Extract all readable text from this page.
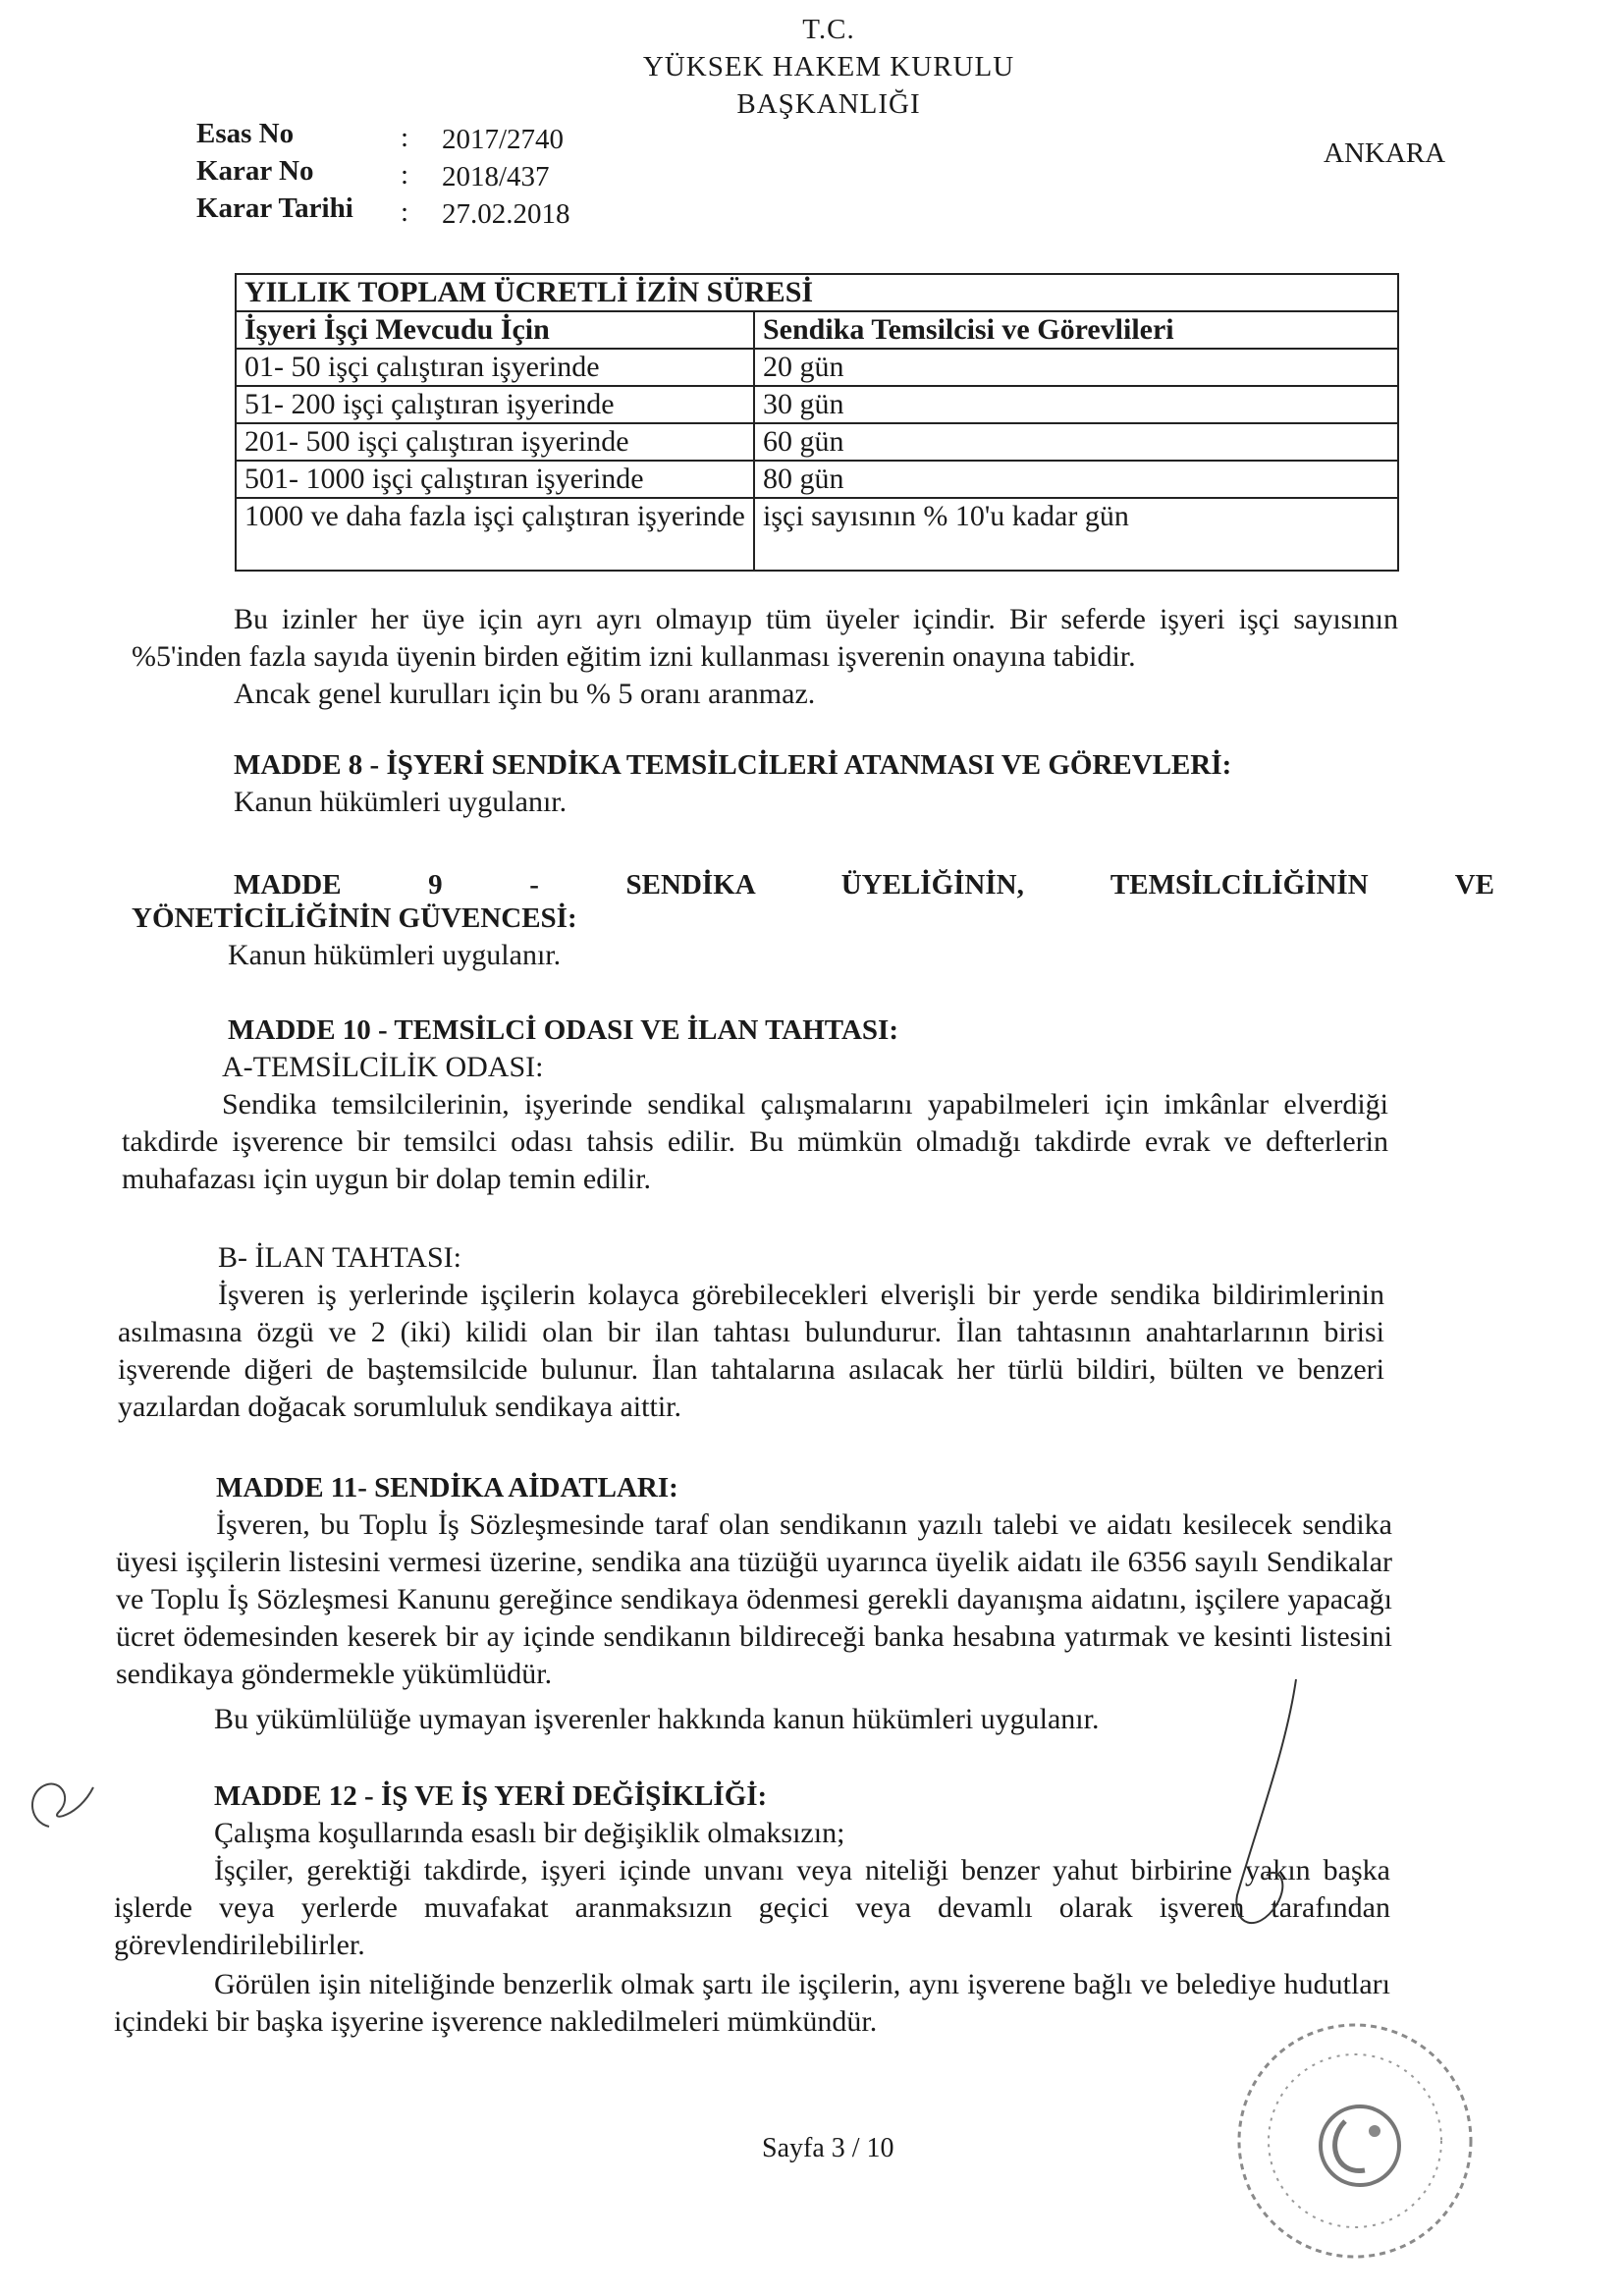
T.C.
YÜKSEK HAKEM KURULU
BAŞKANLIĞI
ANKARA
Esas No	: 2017/2740
Karar No	: 2018/437
Karar Tarihi : 27.02.2018
YILLIK TOPLAM ÜCRETLİ İZİN SÜRESİ	
İşyeri İşçi Mevcudu İçin	Sendika Temsilcisi ve Görevlileri
01- 50 işçi çalıştıran işyerinde	20 gün
51- 200 işçi çalıştıran işyerinde	30 gün
201- 500 işçi çalıştıran işyerinde	60 gün
501- 1000 işçi çalıştıran işyerinde	80 gün
1000 ve daha fazla işçi çalıştıran işyerinde	işçi sayısının % 10'u kadar gün
Bu izinler her üye için ayrı ayrı olmayıp tüm üyeler içindir. Bir seferde işyeri işçi sayısının %5'inden fazla sayıda üyenin birden eğitim izni kullanması işverenin onayına tabidir.
Ancak genel kurulları için bu % 5 oranı aranmaz.
MADDE 8 - İŞYERİ SENDİKA TEMSİLCİLERİ ATANMASI VE GÖREVLERİ:
Kanun hükümleri uygulanır.
MADDE 9 - SENDİKA ÜYELİĞİNİN, TEMSİLCİLİĞİNİN VE
YÖNETİCİLİĞİNİN GÜVENCESİ:
Kanun hükümleri uygulanır.
MADDE 10 - TEMSİLCİ ODASI VE İLAN TAHTASI:
A-TEMSİLCİLİK ODASI:
Sendika temsilcilerinin, işyerinde sendikal çalışmalarını yapabilmeleri için imkânlar elverdiği takdirde işverence bir temsilci odası tahsis edilir. Bu mümkün olmadığı takdirde evrak ve defterlerin muhafazası için uygun bir dolap temin edilir.
B- İLAN TAHTASI:
İşveren iş yerlerinde işçilerin kolayca görebilecekleri elverişli bir yerde sendika bildirimlerinin asılmasına özgü ve 2 (iki) kilidi olan bir ilan tahtası bulundurur. İlan tahtasının anahtarlarının birisi işverende diğeri de baştemsilcide bulunur. İlan tahtalarına asılacak her türlü bildiri, bülten ve benzeri yazılardan doğacak sorumluluk sendikaya aittir.
MADDE 11- SENDİKA AİDATLARI:
İşveren, bu Toplu İş Sözleşmesinde taraf olan sendikanın yazılı talebi ve aidatı kesilecek sendika üyesi işçilerin listesini vermesi üzerine, sendika ana tüzüğü uyarınca üyelik aidatı ile 6356 sayılı Sendikalar ve Toplu İş Sözleşmesi Kanunu gereğince sendikaya ödenmesi gerekli dayanışma aidatını, işçilere yapacağı ücret ödemesinden keserek bir ay içinde sendikanın bildireceği banka hesabına yatırmak ve kesinti listesini sendikaya göndermekle yükümlüdür.
Bu yükümlülüğe uymayan işverenler hakkında kanun hükümleri uygulanır.
MADDE 12 - İŞ VE İŞ YERİ DEĞİŞİKLİĞİ:
Çalışma koşullarında esaslı bir değişiklik olmaksızın;
İşçiler, gerektiği takdirde, işyeri içinde unvanı veya niteliği benzer yahut birbirine yakın başka işlerde veya yerlerde muvafakat aranmaksızın geçici veya devamlı olarak işveren tarafından görevlendirilebilirler.
Görülen işin niteliğinde benzerlik olmak şartı ile işçilerin, aynı işverene bağlı ve belediye hudutları içindeki bir başka işyerine işverence nakledilmeleri mümkündür.
Sayfa 3 / 10
